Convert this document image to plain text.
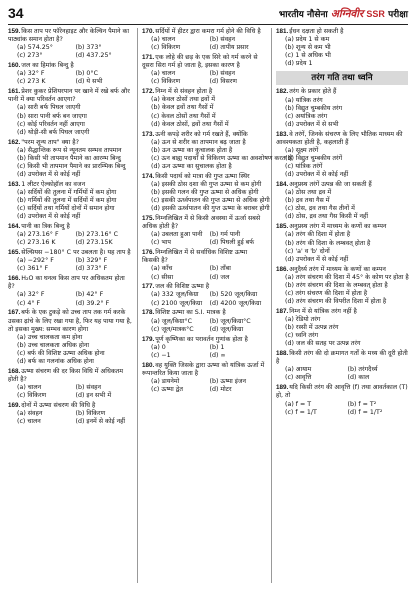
34	भारतीय नौसेना अग्निवीर SSR परीक्षा
159.किस ताप पर फॉरेनहाइट और केल्विन पैमाने का पाठ्यांक समान होता है?
(a) 574.25°	(b) 373°
(c) 273°	(d) 437.25°
160.जल का हिमांक बिन्दु है
(a) 32° F	(b) 0°C
(c) 273 K	(d) ये सभी
161.प्रेशर कुकर प्रेशियरपान पर खाने में रखे बर्फ और पानी में क्या परिवर्तन आएगा?
(a) सारी बर्फ पिघल जाएगी
(b) सारा पानी बर्फ बन जाएगा
(c) कोई परिवर्तन नहीं आएगा
(d) थोड़ी-सी बर्फ पिघल जाएगी
162."परम शून्य ताप" क्या है?
(a) सैद्धान्तिक रूप से न्यूनतम सम्भव तापमान
(b) किसी भी तापमान पैमाने का आरम्भ बिन्दु
(c) किसी भी तापमान पैमाने का प्रारम्भिक बिन्दु
(d) उपरोक्त में से कोई नहीं
163.1 लीटर ऐल्कोहॉल का वजन
(a) सर्दियों की तुलना में गर्मियों में कम होगा
(b) गर्मियों की तुलना में सर्दियों में कम होगा
(c) सर्दियों तथा गर्मियों दोनों में समान होगा
(d) उपरोक्त में से कोई नहीं
164.पानी का त्रिक बिन्दु है
(a) 273.16° F	(b) 273.16° C
(c) 273.16 K	(d) 273.15K
165.सेल्सियस −180° C पर उबलता है। यह ताप है
(a) −292° F	(b) 329° F
(c) 361° F	(d) 373° F
166.H₂O का घनत्व किस ताप पर अधिकतम होता है?
(a) 32° F	(b) 42° F
(c) 4° F	(d) 39.2° F
167.बर्फ के एक टुकड़े को उच्च ताप तक गर्म करके उसका ढ़ांचे के लिए रखा गया है, फिर यह पाया गया है, तो इसका मुख्य: सम्भव कारण होगा
(a) उच्च चालकता कम होना
(b) उच्च चालकता अधिक होना
(c) बर्फ की विशिष्ट ऊष्मा अधिक होना
(d) बर्फ का गलनांक अधिक होना
168.ऊष्मा संचरण की दर किस विधि में अधिकतम होती है?
(a) चालन	(b) संवहन
(c) विकिरण	(d) इन सभी में
169.दोनों में ऊष्मा संचरण की विधि है
(a) संवहन	(b) विकिरण
(c) चालन	(d) इनमें से कोई नहीं
170.सर्दियों में हीटर द्वारा कमरा गर्म होने की विधि है
(a) चालन	(b) संवहन
(c) विकिरण	(d) तापीय प्रसार
171.एक लोहे की छड़ के एक सिरे को गर्म करने से दूसरा सिरा गर्म हो जाता है, इसका कारण है
(a) चालन	(b) संवहन
(c) विकिरण	(d) विसरण
172.निम्न में से संवहन होता है
(a) केवल ठोसों तथा द्रवों में
(b) केवल द्रवों तथा गैसों में
(c) केवल ठोसों तथा गैसों में
(d) केवल ठोसों, द्रवों तथा गैसों में
173.ऊनी कपड़े शरीर को गर्म रखते हैं, क्योंकि
(a) ऊन से शरीर का तापमान बढ़ जाता है
(b) ऊन ऊष्मा का कुचालक होता है
(c) ऊन बाह्य पदार्थों से विकिरण ऊष्मा का अवशोषण करता है
(d) ऊन ऊष्मा का सुचालक होता है
174.किसी पदार्थ को मात्रा की गुप्त ऊष्मा स्थिर
(a) इसकी ठोस दशा की गुप्त ऊष्मा से कम होगी
(b) इसकी गलन की गुप्त ऊष्मा से अधिक होगी
(c) इसकी ऊर्ध्वपातन की गुप्त ऊष्मा से अधिक होगी
(d) इसकी ऊर्ध्वपातन की गुप्त ऊष्मा के बराबर होगी
175.निम्नलिखित में से किसी अवस्था में ऊर्जा सबसे अधिक होती है?
(a) उबलता हुआ पानी	(b) गर्म पानी
(c) भाप	(d) पिघली हुई बर्फ
176.निम्नलिखित में से सर्वाधिक विशिष्ट ऊष्मा किसकी है?
(a) काँच	(b) ताँबा
(c) सीसा	(d) जल
177.जल की विशिष्ट ऊष्मा है
(a) 332 जूल/किग्रा	(b) 520 जूल/किग्रा
(c) 2100 जूल/किग्रा	(d) 4200 जूल/किग्रा
178.विशिष्ट ऊष्मा का S.I. मात्रक है
(a) जूल/किग्रा°C	(b) जूल/किग्रा°C
(c) जूल/मात्रक°C	(d) जूल/किग्रा
179.पूर्ण कृष्णिका का परावर्तन गुणांक होता है
(a) 0	(b) 1
(c) −1	(d) ∞
180.वह युक्ति जिसके द्वारा ऊष्मा को यांत्रिक ऊर्जा में रूपान्तरित किया जाता है
(a) डायनेमो	(b) ऊष्मा इंजन
(c) ऊष्मा द्वेत	(d) मोटर
181.ईंधन दक्षता हो सकती है
(a) प्रदेय 1 से कम
(b) शून्य से कम भी
(c) 1 से अधिक भी
(d) प्रदेय 1
तरंग गति तथा ध्वनि
182.तरंग के प्रकार होते हैं
(a) यांत्रिक तरंग
(b) विद्युत चुम्बकीय तरंग
(c) अयांत्रिक तरंग
(d) उपरोक्त में से सभी
183.वे तरंगें, जिनके संचरण के लिए भौतिक माध्यम की आवश्यकता होती है, कहलाती हैं
(a) सूक्ष्म तरंगें
(b) विद्युत चुम्बकीय तरंगें
(c) यांत्रिक तरंगें
(d) उपरोक्त में से कोई नहीं
184.अनुप्रस्थ तरंगें उत्पन्न की जा सकती हैं
(a) ठोस तथा द्रव में
(b) द्रव तथा गैस में
(c) ठोस, द्रव तथा गैस तीनों में
(d) ठोस, द्रव तथा गैस किसी में नहीं
185.अनुप्रस्थ तरंग में माध्यम के कणों का कम्पन
(a) तरंग की दिशा में होता है
(b) तरंग की दिशा के लम्बवत् होता है
(c) 'a' व 'b' दोनों
(d) उपरोक्त में से कोई नहीं
186.अनुदैर्ध्य तरंग में माध्यम के कणों का कम्पन
(a) तरंग संचरण की दिशा में 45° के कोण पर होता है
(b) तरंग संचरण की दिशा के लम्बवत् होता है
(c) तरंग संचरण की दिशा में होता है
(d) तरंग संचरण की विपरीत दिशा में होता है
187.निम्न में से यांत्रिक तरंग नहीं है
(a) रेडियो तरंग
(b) रस्सी में उत्पन्न तरंग
(c) ध्वनि तरंग
(d) जल की सतह पर उत्पन्न तरंग
188.किसी तरंग की दो क्रमागत गर्तों के मध्य की दूरी होती है
(a) आयाम	(b) तरंगदैर्ध्य
(c) आवृत्ति	(d) काल
189.यदि किसी तरंग की आवृत्ति (f) तथा आवर्तकाल (T) हो, तो
(a) f = T	(b) f = T²
(c) f = 1/T	(d) f = 1/T²
